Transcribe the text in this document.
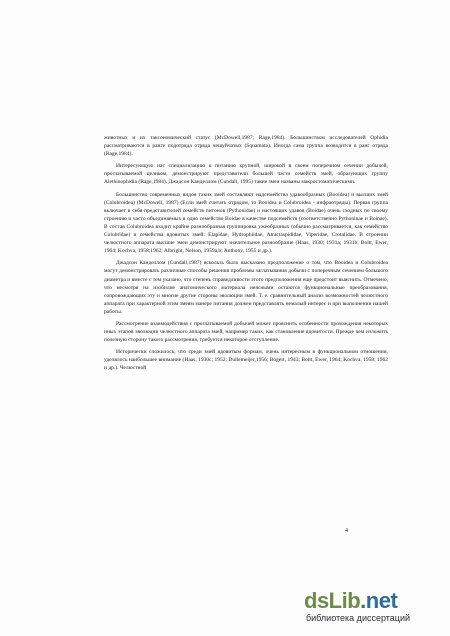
животных и их таксономический статус (McDowell,1987; Rage,1984). Большинством исследователей Ophidia рассматриваются в ранге подотряда отряда чешуйчатых (Squamata). Иногда сама группа возводится в ранг отряда (Rage,1984).

Интересующую нас специализацию к питанию крупной, широкой в своем поперечном сечении добычей, проглатываемой целиком, демонстрируют представители большей части семейств змей, образующих группу Alethinophidia (Rage,1984). Джадсон Канделлом (Cundall, 1995) такие змеи названы макростоматическими.

Большинство современных видов таких змей составляют надсемейства удавообразных (Booidea) и высших змей (Colubroidea) (McDowell, 1987) (Если змей считать отрядом, то Booidea и Colubroidea - инфраотряды). Первая группа включает в себя представителей семейств питонов (Pythonidae) и настоящих удавов (Boidae) очень сходных по своему строению и часто объединяемых в одно семейство Boidae в качестве подсемейств (соответственно Pythoninae и Boinae). В состав Colubroidea входит крайне разнообразная группировка ужеобразных (обычно рассматривается, как семейство Colubridae) и семейства ядовитых змей: Elapidae, Hydrophiidae, Atractaspididae, Viperidae, Crotalidae. В строении челюстного аппарата высшие змеи демонстрируют значительное разнообразие (Haas, 1930; 1931а; 1931b; Boltt, Ewer, 1964; Kochva, 1958;1962; Albright, Nelson, 1959а,b; Anthony, 1955 и др.).

Джадсон Канделлом (Cundall,1987) вскользь было высказано предположение о том, что Booidea и Colubroidea могут демонстрировать различные способы решения проблемы заглатывания добычи с поперечным сечением большого диаметра и вместе с тем указано, что степень справедливости этого предположения еще предстоит выяснить. Отмечено, что несмотря на изобилие анатомического материала неясными остаются функциональные преобразования, сопровождающих эту и многие другие стороны эволюции змей. Т. е. сравнительный анализ возможностей челюстного аппарата при характерной этим змеям манере питания должен представлять немалый интерес и при выполнении нашей работы.

Рассмотрение взаимодействия с проглатываемой добычей может прояснить особенности прохождения некоторых иных этапов эволюции челюстного аппарата змей, например таких, как становление ядовитости. Прежде чем изложить полезную сторону такого рассмотрения, требуется некоторое отступление.

Исторически сложилось, что среди змей ядовитым формам, очень интересным в функциональном отношении, уделялось наибольшее внимание (Haas, 1930с; 1952; Dullemeijer,1956; Bogert, 1943; Boltt, Ewer, 1964; Kochva, 1958; 1962 и др.). Челюстной

4
dsLib.net
библиотека диссертаций
